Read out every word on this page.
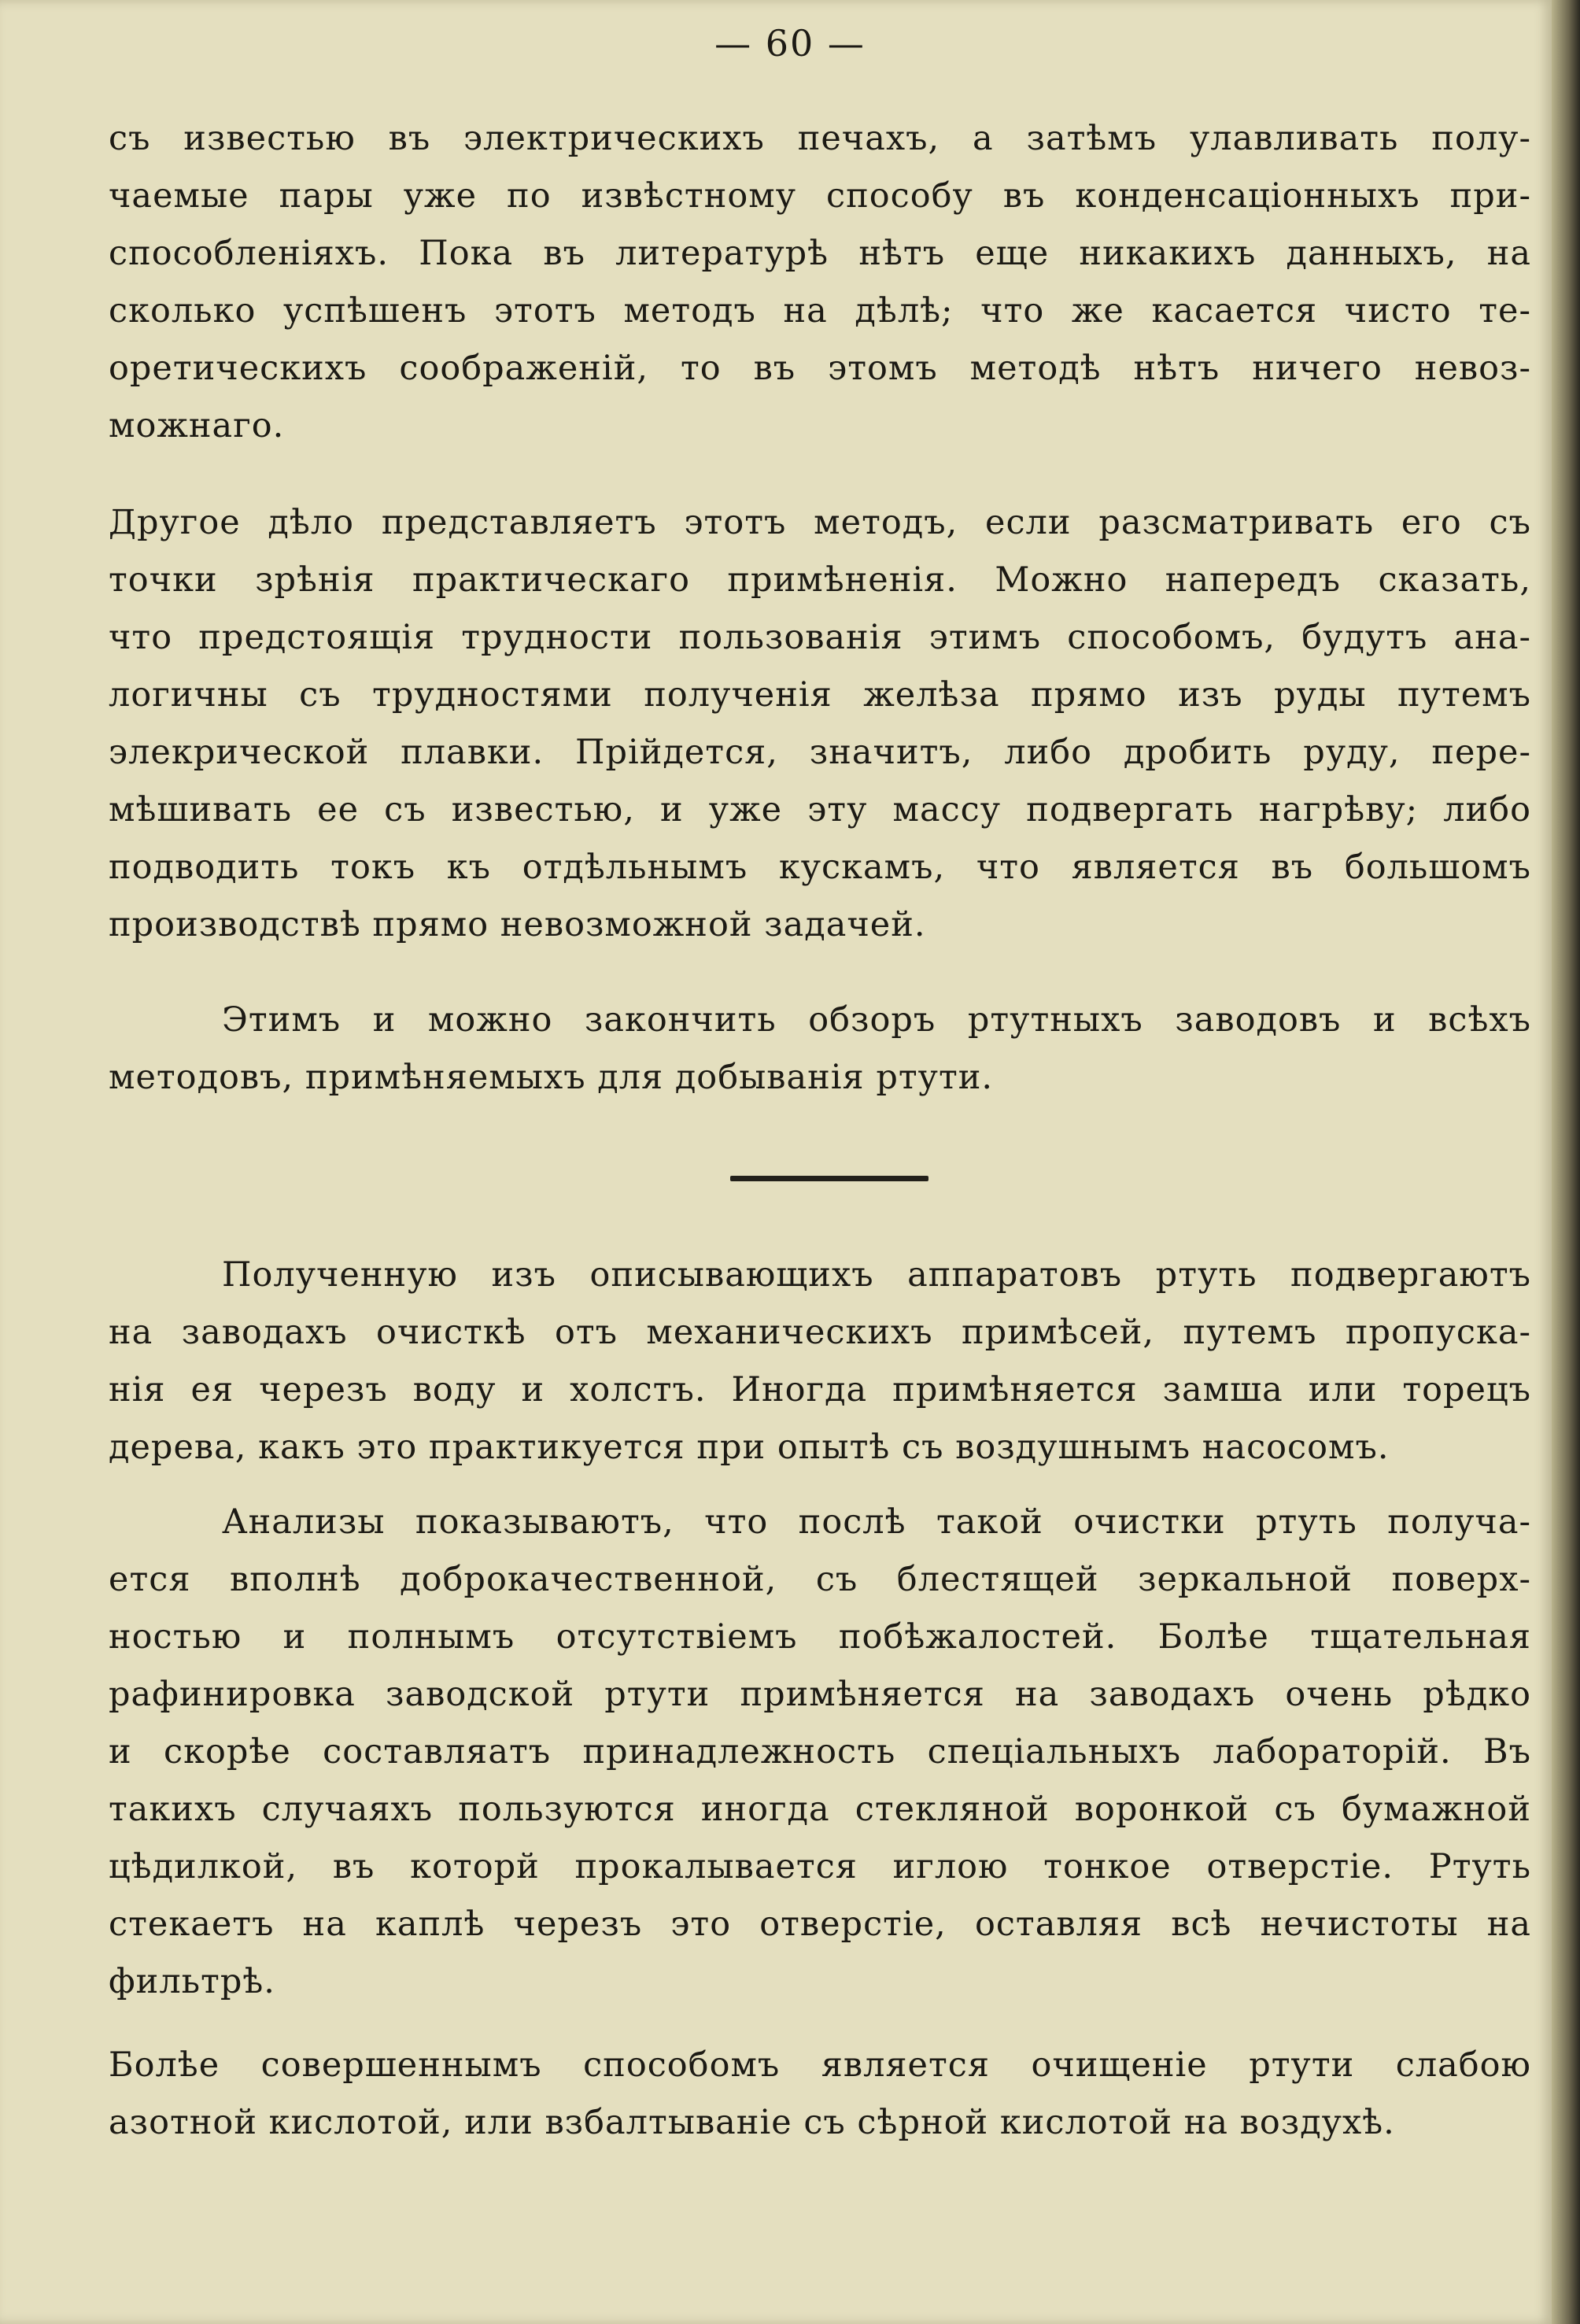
— 60 —
съ известью въ электрическихъ печахъ, а затѣмъ улавливать полу-
чаемые пары уже по извѣстному способу въ конденсаціонныхъ при-
способленіяхъ. Пока въ литературѣ нѣтъ еще никакихъ данныхъ, на
сколько успѣшенъ этотъ методъ на дѣлѣ; что же касается чисто те-
оретическихъ соображеній, то въ этомъ методѣ нѣтъ ничего невоз-
можнаго.
Другое дѣло представляетъ этотъ методъ, если разсматривать его съ
точки зрѣнія практическаго примѣненія. Можно напередъ сказать,
что предстоящія трудности пользованія этимъ способомъ, будутъ ана-
логичны съ трудностями полученія желѣза прямо изъ руды путемъ
элекрической плавки. Прійдется, значитъ, либо дробить руду, пере-
мѣшивать ее съ известью, и уже эту массу подвергать нагрѣву; либо
подводить токъ къ отдѣльнымъ кускамъ, что является въ большомъ
производствѣ прямо невозможной задачей.
Этимъ и можно закончить обзоръ ртутныхъ заводовъ и всѣхъ
методовъ, примѣняемыхъ для добыванія ртути.
Полученную изъ описывающихъ аппаратовъ ртуть подвергаютъ
на заводахъ очисткѣ отъ механическихъ примѣсей, путемъ пропуска-
нія ея черезъ воду и холстъ. Иногда примѣняется замша или торецъ
дерева, какъ это практикуется при опытѣ съ воздушнымъ насосомъ.
Анализы показываютъ, что послѣ такой очистки ртуть получа-
ется вполнѣ доброкачественной, съ блестящей зеркальной поверх-
ностью и полнымъ отсутствіемъ побѣжалостей. Болѣе тщательная
рафинировка заводской ртути примѣняется на заводахъ очень рѣдко
и скорѣе составляатъ принадлежность спеціальныхъ лабораторій. Въ
такихъ случаяхъ пользуются иногда стекляной воронкой съ бумажной
цѣдилкой, въ которй прокалывается иглою тонкое отверстіе. Ртуть
стекаетъ на каплѣ черезъ это отверстіе, оставляя всѣ нечистоты на
фильтрѣ.
Болѣе совершеннымъ способомъ является очищеніе ртути слабою
азотной кислотой, или взбалтываніе съ сѣрной кислотой на воздухѣ.
